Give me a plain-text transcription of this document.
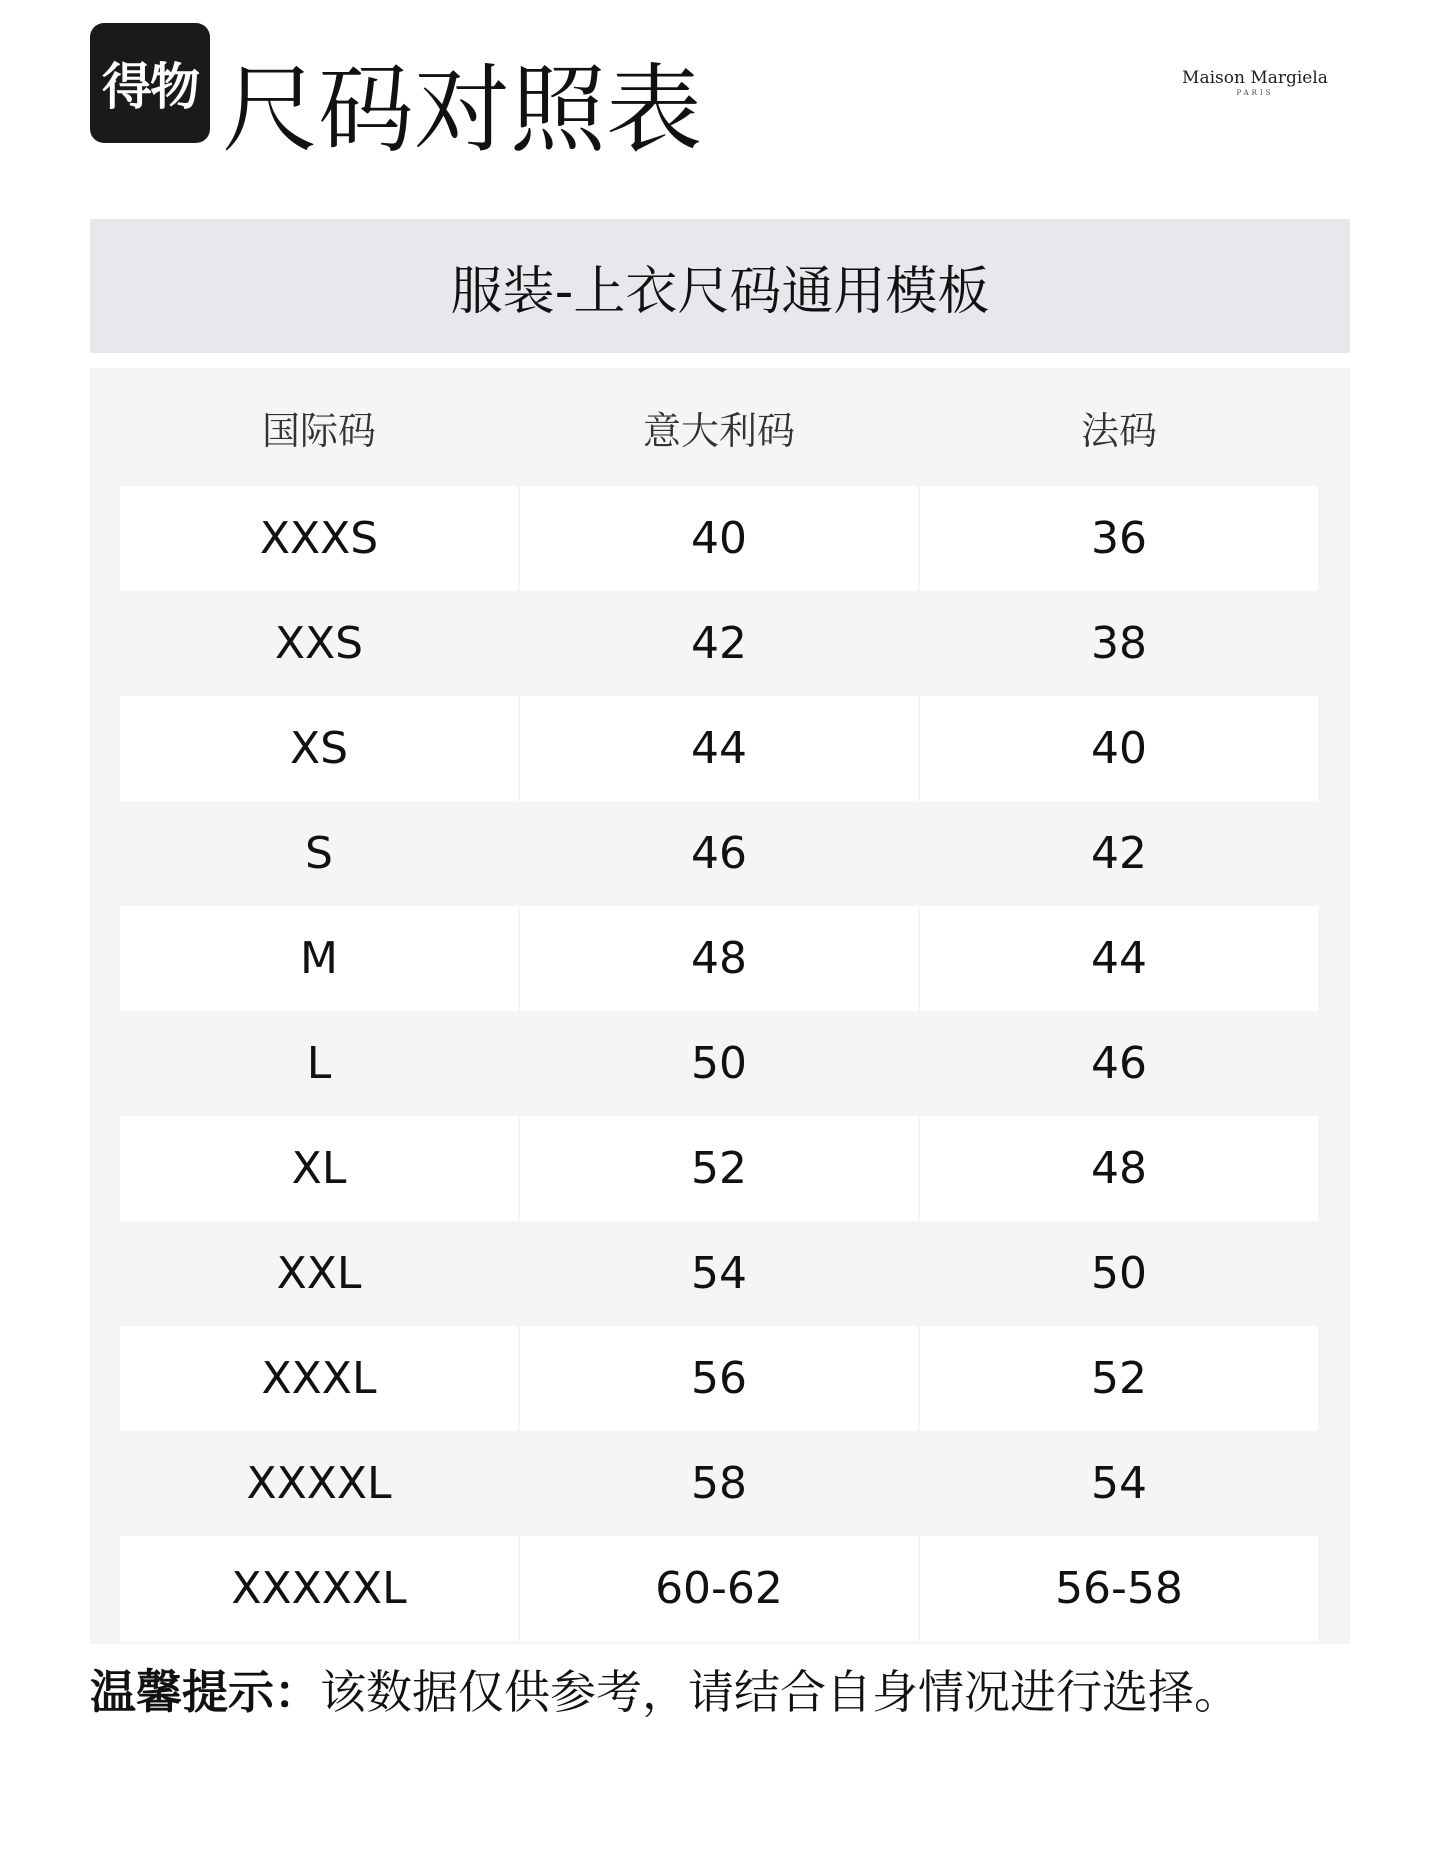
得物 尺码对照表	Maison Margiela
PARIS
服装-上衣尺码通用模板
国际码	意大利码	法码
XXXS	40	36
XXS	42	38
XS	44	40
S	46	42
M	48	44
L	50	46
XL	52	48
XXL	54	50
XXXL	56	52
XXXXL	58	54
XXXXXL	60-62	56-58
温馨提示：该数据仅供参考，请结合自身情况进行选择。
